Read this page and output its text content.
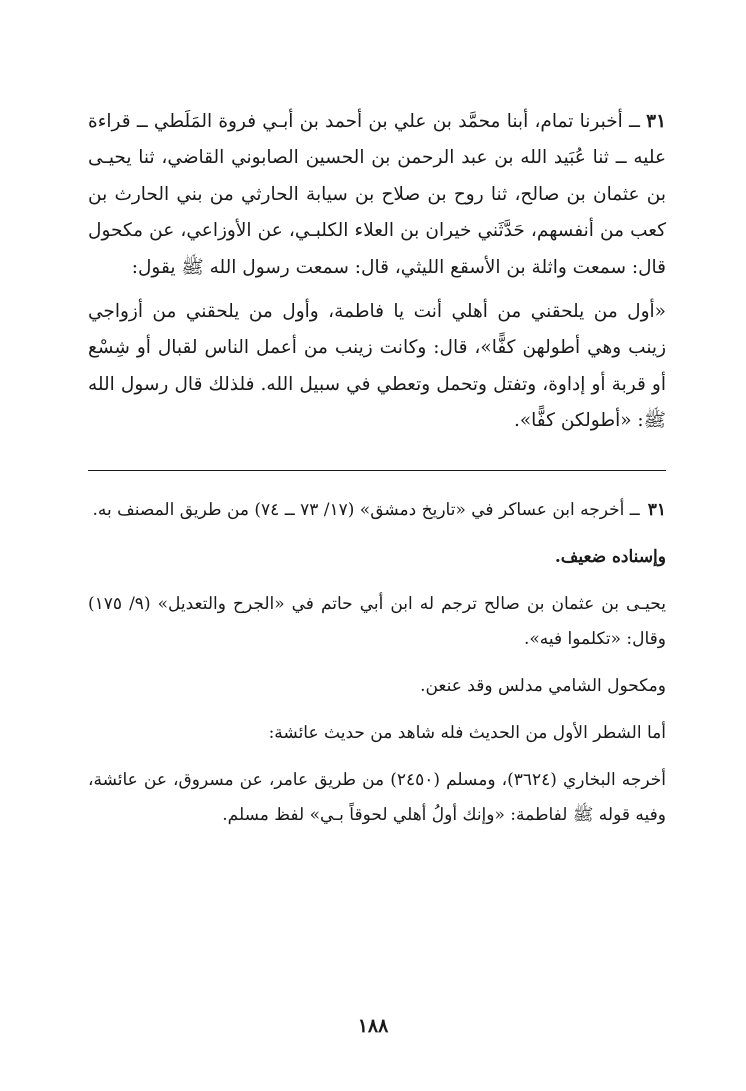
٣١ ــ أخبرنا تمام، أبنا محمَّد بن علي بن أحمد بن أبـي فروة المَلَطي ــ قراءة عليه ــ ثنا عُبَيد الله بن عبد الرحمن بن الحسين الصابوني القاضي، ثنا يحيـى بن عثمان بن صالح، ثنا روح بن صلاح بن سيابة الحارثي من بني الحارث بن كعب من أنفسهم، حَدَّثَني خيران بن العلاء الكلبـي، عن الأوزاعي، عن مكحول قال: سمعت واثلة بن الأسقع الليثي، قال: سمعت رسول الله ﷺ يقول:

«أول من يلحقني من أهلي أنت يا فاطمة، وأول من يلحقني من أزواجي زينب وهي أطولهن كفًّا»، قال: وكانت زينب من أعمل الناس لقبال أو شِسْع أو قربة أو إداوة، وتفتل وتحمل وتعطي في سبيل الله. فلذلك قال رسول الله ﷺ: «أطولكن كفًّا».

٣١ــ أخرجه ابن عساكر في «تاريخ دمشق» (١٧/ ٧٣ ــ ٧٤) من طريق المصنف به.

وإسناده ضعيف.

يحيـى بن عثمان بن صالح ترجم له ابن أبي حاتم في «الجرح والتعديل» (٩/ ١٧٥) وقال: «تكلموا فيه».

ومكحول الشامي مدلس وقد عنعن.

أما الشطر الأول من الحديث فله شاهد من حديث عائشة:

أخرجه البخاري (٣٦٢٤)، ومسلم (٢٤٥٠) من طريق عامر، عن مسروق، عن عائشة، وفيه قوله ﷺ لفاطمة: «وإنك أولُ أهلي لحوقاً بـي» لفظ مسلم.

١٨٨
